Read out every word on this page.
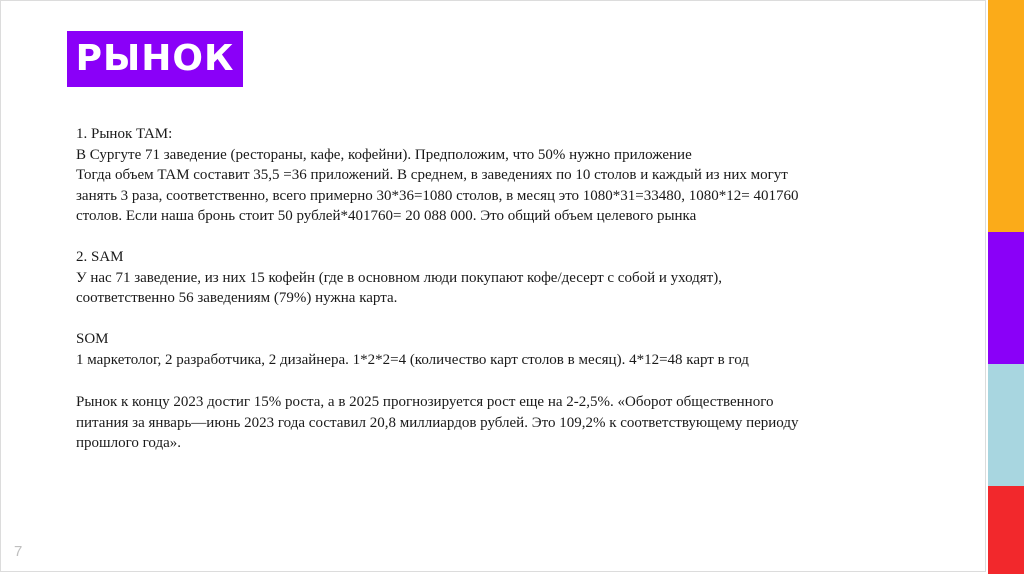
РЫНОК

1. Рынок TAM:

В Сургуте 71 заведение (рестораны, кафе, кофейни). Предположим, что 50% нужно приложение

Тогда объем TAM составит 35,5 =36 приложений. В среднем, в заведениях по 10 столов и каждый из них могут

занять 3 раза, соответственно, всего примерно 30*36=1080 столов, в месяц это 1080*31=33480, 1080*12= 401760

столов. Если наша бронь стоит 50 рублей*401760= 20 088 000. Это общий объем целевого рынка

2. SAM

У нас 71 заведение, из них 15 кофейн (где в основном люди покупают кофе/десерт с собой и уходят),

соответственно 56 заведениям (79%) нужна карта.

SOM

1 маркетолог, 2 разработчика, 2 дизайнера. 1*2*2=4 (количество карт столов в месяц). 4*12=48 карт в год

Рынок к концу 2023 достиг 15% роста, а в 2025 прогнозируется рост еще на 2-2,5%. «Оборот общественного

питания за январь—июнь 2023 года составил 20,8 миллиардов рублей. Это 109,2% к соответствующему периоду

прошлого года».

7
